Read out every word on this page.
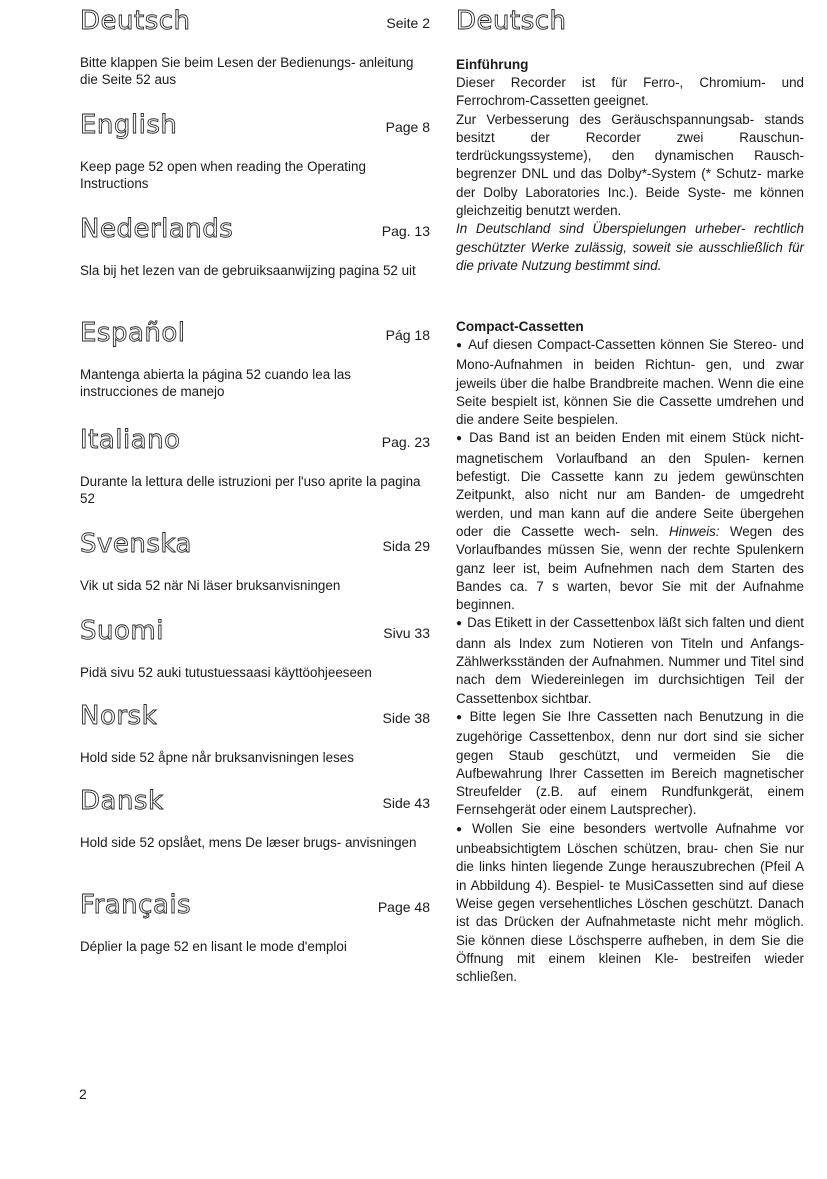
Deutsch	Seite 2

Bitte klappen Sie beim Lesen der Bedienungs- anleitung die Seite 52 aus

English	Page 8

Keep page 52 open when reading the Operating Instructions

Nederlands	Pag. 13

Sla bij het lezen van de gebruiksaanwijzing pagina 52 uit

Español	Pág 18

Mantenga abierta la página 52 cuando lea las instrucciones de manejo

Italiano	Pag. 23

Durante la lettura delle istruzioni per l'uso aprite la pagina 52

Svenska	Sida 29

Vik ut sida 52 när Ni läser bruksanvisningen

Suomi	Sivu 33

Pidä sivu 52 auki tutustuessaasi käyttöohjeeseen

Norsk	Side 38

Hold side 52 åpne når bruksanvisningen leses

Dansk	Side 43

Hold side 52 opslået, mens De læser brugs- anvisningen

Français	Page 48

Déplier la page 52 en lisant le mode d'emploi

Deutsch

Einführung

Dieser Recorder ist für Ferro-, Chromium- und Ferrochrom-Cassetten geeignet.

Zur Verbesserung des Geräuschspannungsab- stands besitzt der Recorder zwei Rauschun- terdrückungssysteme), den dynamischen Rausch- begrenzer DNL und das Dolby*-System (* Schutz- marke der Dolby Laboratories Inc.). Beide Syste- me können gleichzeitig benutzt werden.

In Deutschland sind Überspielungen urheber- rechtlich geschützter Werke zulässig, soweit sie ausschließlich für die private Nutzung bestimmt sind.

Compact-Cassetten

● Auf diesen Compact-Cassetten können Sie Stereo- und Mono-Aufnahmen in beiden Richtun- gen, und zwar jeweils über die halbe Brandbreite machen. Wenn die eine Seite bespielt ist, können Sie die Cassette umdrehen und die andere Seite bespielen.

● Das Band ist an beiden Enden mit einem Stück nicht-magnetischem Vorlaufband an den Spulen- kernen befestigt. Die Cassette kann zu jedem gewünschten Zeitpunkt, also nicht nur am Banden- de umgedreht werden, und man kann auf die andere Seite übergehen oder die Cassette wech- seln. Hinweis: Wegen des Vorlaufbandes müssen Sie, wenn der rechte Spulenkern ganz leer ist, beim Aufnehmen nach dem Starten des Bandes ca. 7 s warten, bevor Sie mit der Aufnahme beginnen.

● Das Etikett in der Cassettenbox läßt sich falten und dient dann als Index zum Notieren von Titeln und Anfangs-Zählwerksständen der Aufnahmen. Nummer und Titel sind nach dem Wiedereinlegen im durchsichtigen Teil der Cassettenbox sichtbar.

● Bitte legen Sie Ihre Cassetten nach Benutzung in die zugehörige Cassettenbox, denn nur dort sind sie sicher gegen Staub geschützt, und vermeiden Sie die Aufbewahrung Ihrer Cassetten im Bereich magnetischer Streufelder (z.B. auf einem Rundfunkgerät, einem Fernsehgerät oder einem Lautsprecher).

● Wollen Sie eine besonders wertvolle Aufnahme vor unbeabsichtigtem Löschen schützen, brau- chen Sie nur die links hinten liegende Zunge herauszubrechen (Pfeil A in Abbildung 4). Bespiel- te MusiCassetten sind auf diese Weise gegen versehentliches Löschen geschützt. Danach ist das Drücken der Aufnahmetaste nicht mehr möglich. Sie können diese Löschsperre aufheben, in dem Sie die Öffnung mit einem kleinen Kle- bestreifen wieder schließen.

2
